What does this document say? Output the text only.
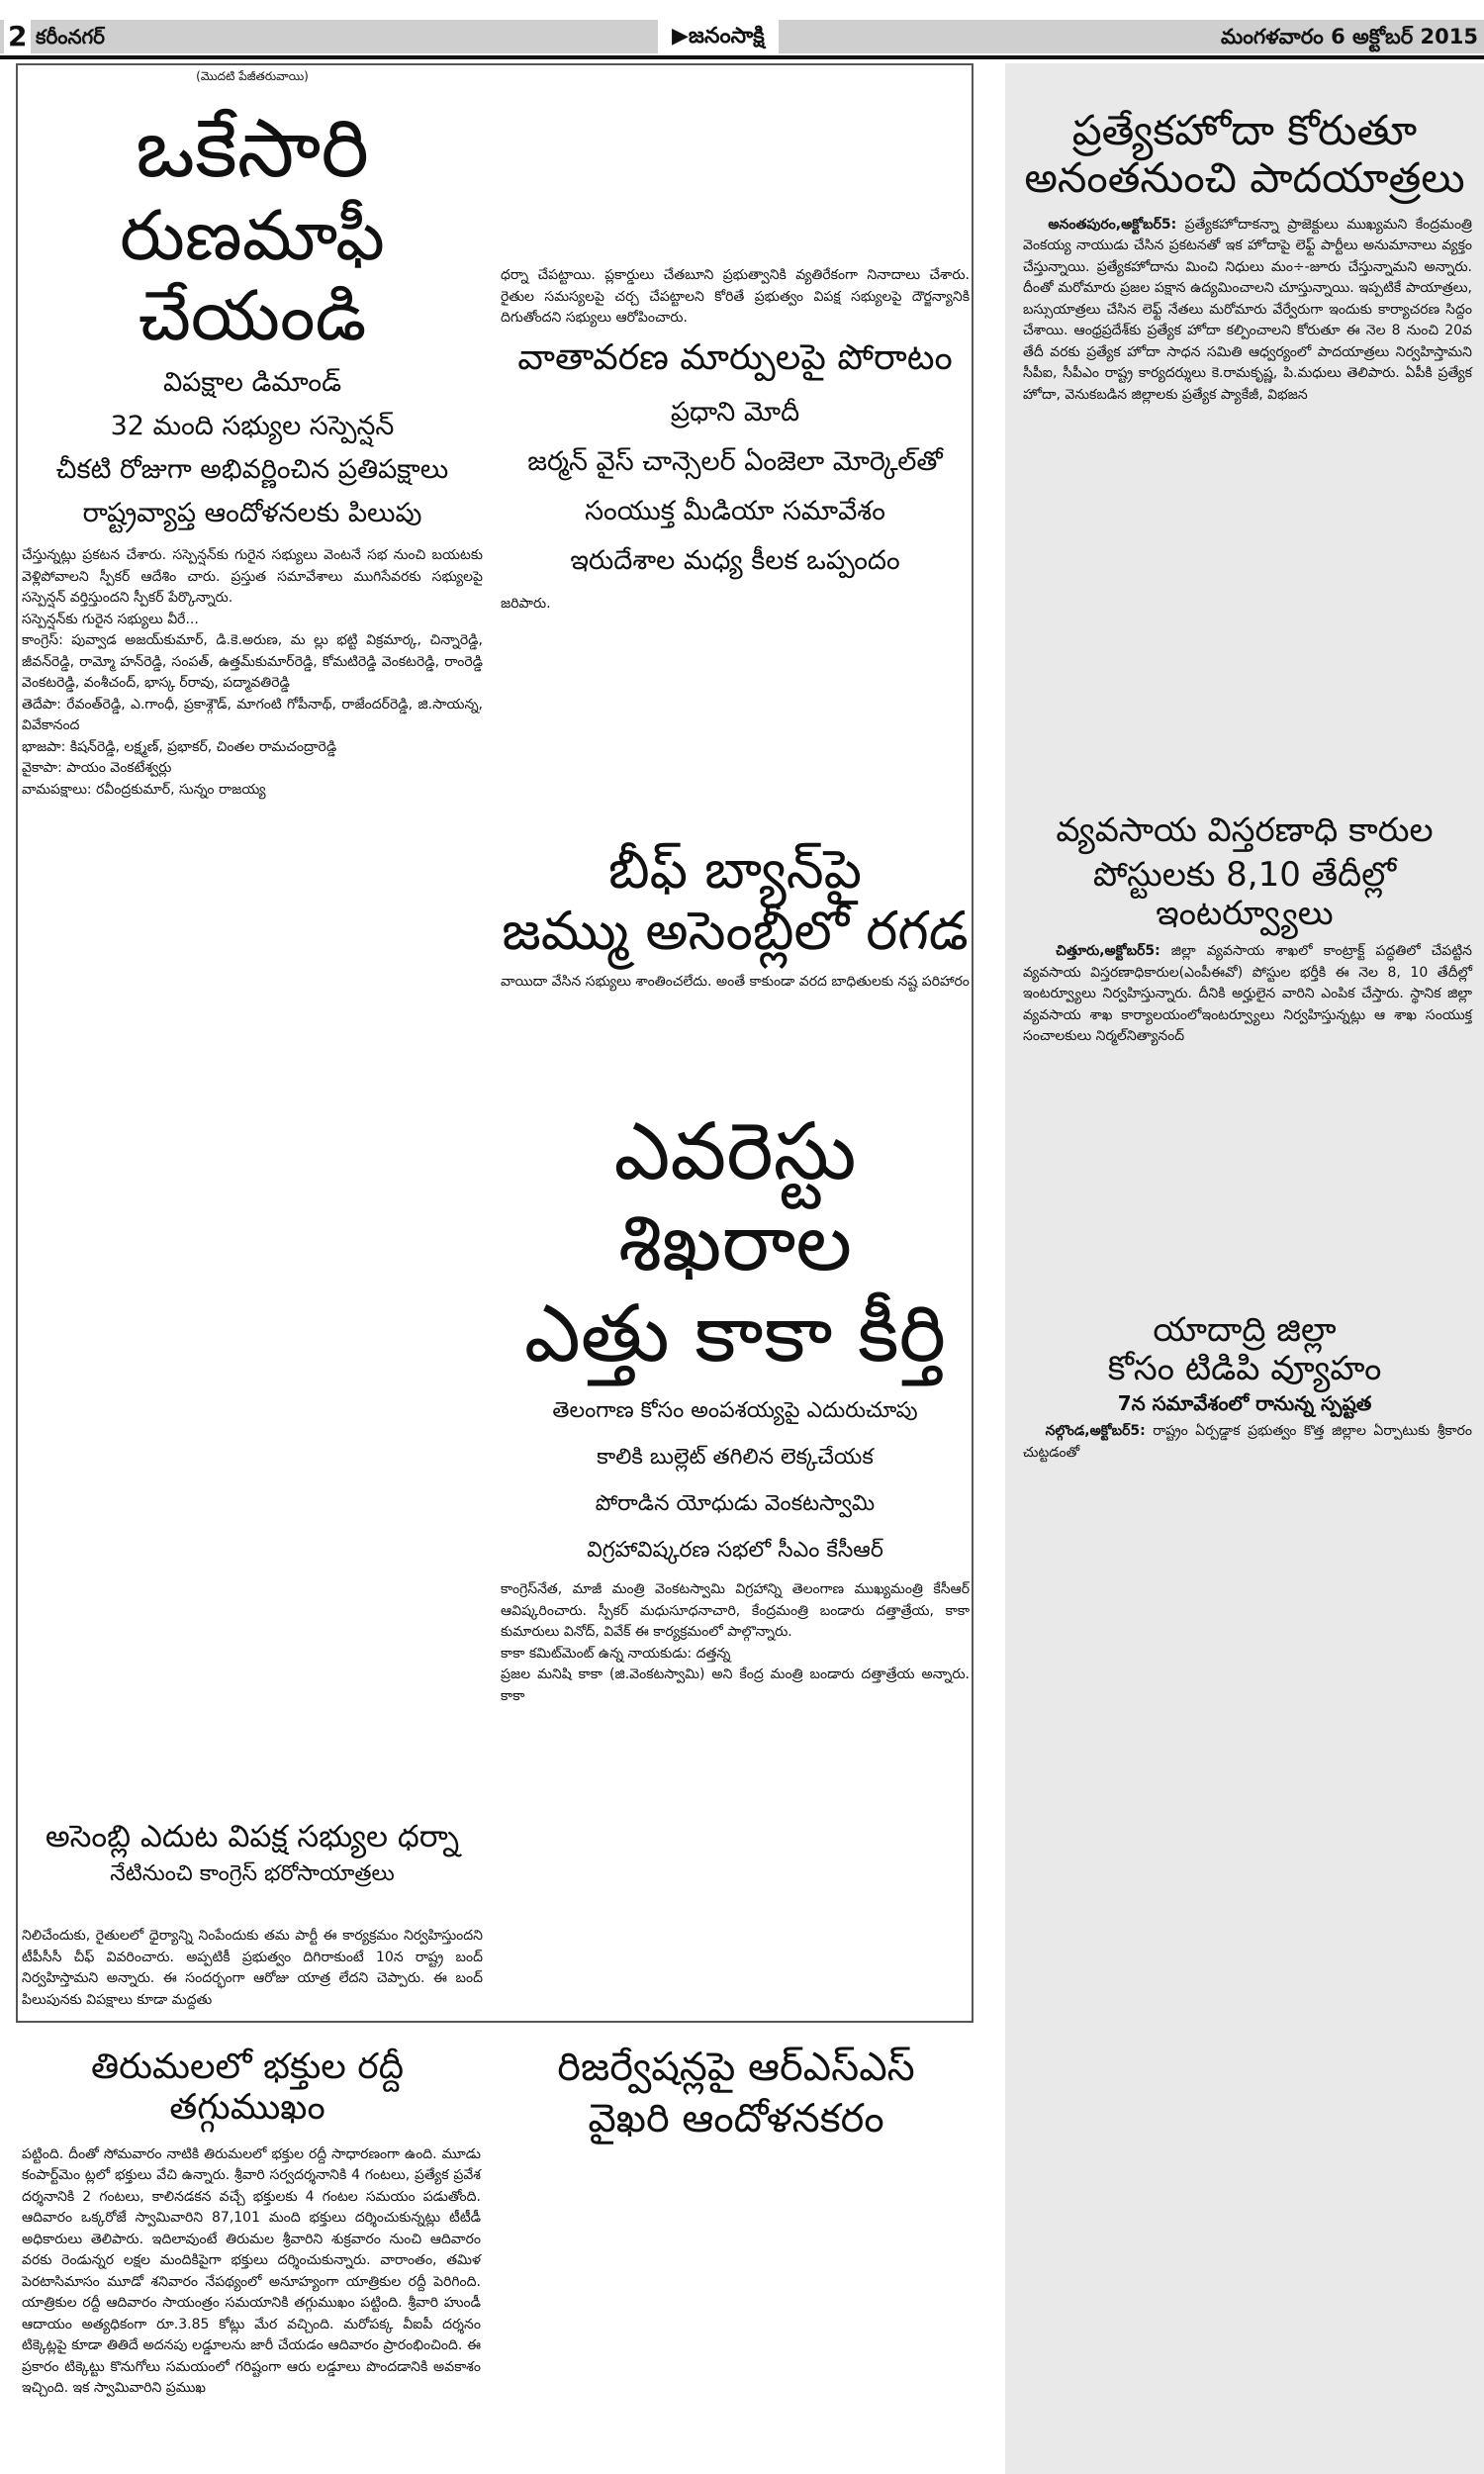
2 కరీంనగర్	▶జనంసాక్షి	మంగళవారం 6 అక్టోబర్ 2015
(మొదటి పేజీతరువాయి)
ఒకేసారి
రుణమాఫీ చేయండి
విపక్షాల డిమాండ్
32 మంది సభ్యుల సస్పెన్షన్
చీకటి రోజుగా అభివర్ణించిన ప్రతిపక్షాలు
రాష్ట్రవ్యాప్త ఆందోళనలకు పిలుపు

చేస్తున్నట్లు ప్రకటన చేశారు. సస్పెన్షన్‌కు గురైన సభ్యులు వెంటనే సభ నుంచి బయటకు వెళ్లిపోవాలని స్పీకర్ ఆదేశిం చారు. ప్రస్తుత సమావేశాలు ముగిసేవరకు సభ్యులపై సస్పెన్షన్ వర్తిస్తుందని స్పీకర్ పేర్కొన్నారు.

సస్పెన్షన్‌కు గురైన సభ్యులు వీరే...

కాంగ్రెస్: పువ్వాడ అజయ్‌కుమార్, డి.కె.అరుణ, మ ల్లు భట్టి విక్రమార్క, చిన్నారెడ్డి, జీవన్‌రెడ్డి, రామ్మో హన్‌రెడ్డి, సంపత్, ఉత్తమ్‌కుమార్‌రెడ్డి, కోమటిరెడ్డి వెంకటరెడ్డి, రాంరెడ్డి వెంకటరెడ్డి, వంశీచంద్, భాస్క ర్‌రావు, పద్మావతిరెడ్డి

తెదేపా: రేవంత్‌రెడ్డి, ఎ.గాంధీ, ప్రకాశ్గౌడ్, మాగంటి గోపీనాథ్, రాజేందర్‌రెడ్డి, జి.సాయన్న, వివేకానంద

భాజపా: కిషన్‌రెడ్డి, లక్ష్మణ్, ప్రభాకర్, చింతల రామచంద్రారెడ్డి

వైకాపా: పాయం వెంకటేశ్వర్లు

వామపక్షాలు: రవీంద్రకుమార్, సున్నం రాజయ్య

అసెంబ్లి ఎదుట విపక్ష సభ్యుల ధర్నా
నేటినుంచి కాంగ్రెస్ భరోసాయాత్రలు

నిలిచేందుకు, రైతులలో ధైర్యాన్ని నింపేందుకు తమ పార్టీ ఈ కార్యక్రమం నిర్వహిస్తుందని టీపీసీసీ చీఫ్ వివరించారు. అప్పటికీ ప్రభుత్వం దిగిరాకుంటే 10న రాష్ట్ర బంద్ నిర్వహిస్తామని అన్నారు. ఈ సందర్భంగా ఆరోజు యాత్ర లేదని చెప్పారు. ఈ బంద్ పిలుపునకు విపక్షాలు కూడా మద్దతు

ధర్నా చేపట్టాయి. ప్లకార్డులు చేతబూని ప్రభుత్వానికి వ్యతిరేకంగా నినాదాలు చేశారు. రైతుల సమస్యలపై చర్చ చేపట్టాలని కోరితే ప్రభుత్వం విపక్ష సభ్యులపై దౌర్జన్యానికి దిగుతోందని సభ్యులు ఆరోపించారు.

వాతావరణ మార్పులపై పోరాటం
ప్రధాని మోదీ
జర్మన్ వైస్ చాన్సెలర్ ఏంజెలా మోర్కెల్‌తో
సంయుక్త మీడియా సమావేశం
ఇరుదేశాల మధ్య కీలక ఒప్పందం

జరిపారు.

బీఫ్ బ్యాన్‌పై
జమ్ము అసెంబ్లీలో రగడ

వాయిదా వేసిన సభ్యులు శాంతించలేదు. అంతే కాకుండా వరద బాధితులకు నష్ట పరిహారం

ఎవరెస్టు శిఖరాల
ఎత్తు కాకా కీర్తి
తెలంగాణ కోసం అంపశయ్యపై ఎదురుచూపు
కాలికి బుల్లెట్ తగిలిన లెక్కచేయక
పోరాడిన యోధుడు వెంకటస్వామి
విగ్రహావిష్కరణ సభలో సీఎం కేసీఆర్

కాంగ్రెస్‌నేత, మాజీ మంత్రి వెంకటస్వామి విగ్రహాన్ని తెలంగాణ ముఖ్యమంత్రి కేసీఆర్ ఆవిష్కరించారు. స్పీకర్ మధుసూధనాచారి, కేంద్రమంత్రి బండారు దత్తాత్రేయ, కాకా కుమారులు వినోద్, వివేక్ ఈ కార్యక్రమంలో పాల్గొన్నారు.

కాకా కమిట్‌మెంట్ ఉన్న నాయకుడు: దత్తన్న

ప్రజల మనిషి కాకా (జి.వెంకటస్వామి) అని కేంద్ర మంత్రి బండారు దత్తాత్రేయ అన్నారు. కాకా

ప్రత్యేకహోదా కోరుతూ
అనంతనుంచి పాదయాత్రలు

అనంతపురం,అక్టోబర్5: ప్రత్యేకహోదాకన్నా ప్రాజెక్టులు ముఖ్యమని కేంద్రమంత్రి వెంకయ్య నాయుడు చేసిన ప్రకటనతో ఇక హోదాపై లెఫ్ట్ పార్టీలు అనుమానాలు వ్యక్తం చేస్తున్నాయి. ప్రత్యేకహోదాను మించి నిధులు మం÷-జూరు చేస్తున్నామని అన్నారు. దీంతో మరోమారు ప్రజల పక్షాన ఉద్యమించాలని చూస్తున్నాయి. ఇప్పటికే పాయాత్రలు, బస్సుయాత్రలు చేసిన లెఫ్ట్ నేతలు మరోమారు వేర్వేరుగా ఇందుకు కార్యాచరణ సిద్దం చేశాయి. ఆంధ్రప్రదేశ్‌కు ప్రత్యేక హోదా కల్పించాలని కోరుతూ ఈ నెల 8 నుంచి 20వ తేదీ వరకు ప్రత్యేక హోదా సాధన సమితి ఆధ్వర్యంలో పాదయాత్రలు నిర్వహిస్తామని సీపీఐ, సీపీఎం రాష్ట్ర కార్యదర్శులు కె.రామకృష్ణ, పి.మధులు తెలిపారు. ఏపీకి ప్రత్యేక హోదా, వెనుకబడిన జిల్లాలకు ప్రత్యేక ప్యాకేజీ, విభజన

వ్యవసాయ విస్తరణాధి కారుల
పోస్టులకు 8,10 తేదీల్లో ఇంటర్వ్యూలు

చిత్తూరు,అక్టోబర్5: జిల్లా వ్యవసాయ శాఖలో కాంట్రాక్ట్ పద్ధతిలో చేపట్టిన వ్యవసాయ విస్తరణాధికారుల(ఎంపీఈవో) పోస్టుల భర్తీకి ఈ నెల 8, 10 తేదీల్లో ఇంటర్వ్యూలు నిర్వహిస్తున్నారు. దీనికి అర్హులైన వారిని ఎంపిక చేస్తారు. స్థానిక జిల్లా వ్యవసాయ శాఖ కార్యాలయంలోఇంటర్వ్యూలు నిర్వహిస్తున్నట్లు ఆ శాఖ సంయుక్త సంచాలకులు నిర్మల్‌నిత్యానంద్

యాదాద్రి జిల్లా
కోసం టిడిపి వ్యూహం
7న సమావేశంలో రానున్న స్పష్టత

నల్గొండ,అక్టోబర్5: రాష్ట్రం ఏర్పడ్డాక ప్రభుత్వం కొత్త జిల్లాల ఏర్పాటుకు శ్రీకారం చుట్టడంతో

తిరుమలలో భక్తుల రద్దీ తగ్గుముఖం

పట్టింది. దీంతో సోమవారం నాటికి తిరుమలలో భక్తుల రద్దీ సాధారణంగా ఉంది. మూడు కంపార్ట్‌మెం ట్లలో భక్తులు వేచి ఉన్నారు. శ్రీవారి సర్వదర్శనానికి 4 గంటలు, ప్రత్యేక ప్రవేశ దర్శనానికి 2 గంటలు, కాలినడకన వచ్చే భక్తులకు 4 గంటల సమయం పడుతోంది. ఆదివారం ఒక్కరోజే స్వామివారిని 87,101 మంది భక్తులు దర్శించుకున్నట్లు టీటీడీ అధికారులు తెలిపారు. ఇదిలావుంటే తిరుమల శ్రీవారిని శుక్రవారం నుంచి ఆదివారం వరకు రెండున్నర లక్షల మందికిపైగా భక్తులు దర్శించుకున్నారు. వారాంతం, తమిళ పెరటాసిమాసం మూడో శనివారం నేపథ్యంలో అనూహ్యంగా యాత్రికుల రద్దీ పెరిగింది. యాత్రికుల రద్దీ ఆదివారం సాయంత్రం సమయానికి తగ్గుముఖం పట్టింది. శ్రీవారి హుండీ ఆదాయం అత్యధికంగా రూ.3.85 కోట్లు మేర వచ్చింది. మరోపక్క వీఐపీ దర్శనం టిక్కెట్లపై కూడా తితిదే అదనపు లడ్డూలను జారీ చేయడం ఆదివారం ప్రారంభించింది. ఈ ప్రకారం టిక్కెట్టు కొనుగోలు సమయంలో గరిష్టంగా ఆరు లడ్డూలు పొందడానికి అవకాశం ఇచ్చింది. ఇక స్వామివారిని ప్రముఖ

రిజర్వేషన్లపై ఆర్ఎస్ఎస్
వైఖరి ఆందోళనకరం
